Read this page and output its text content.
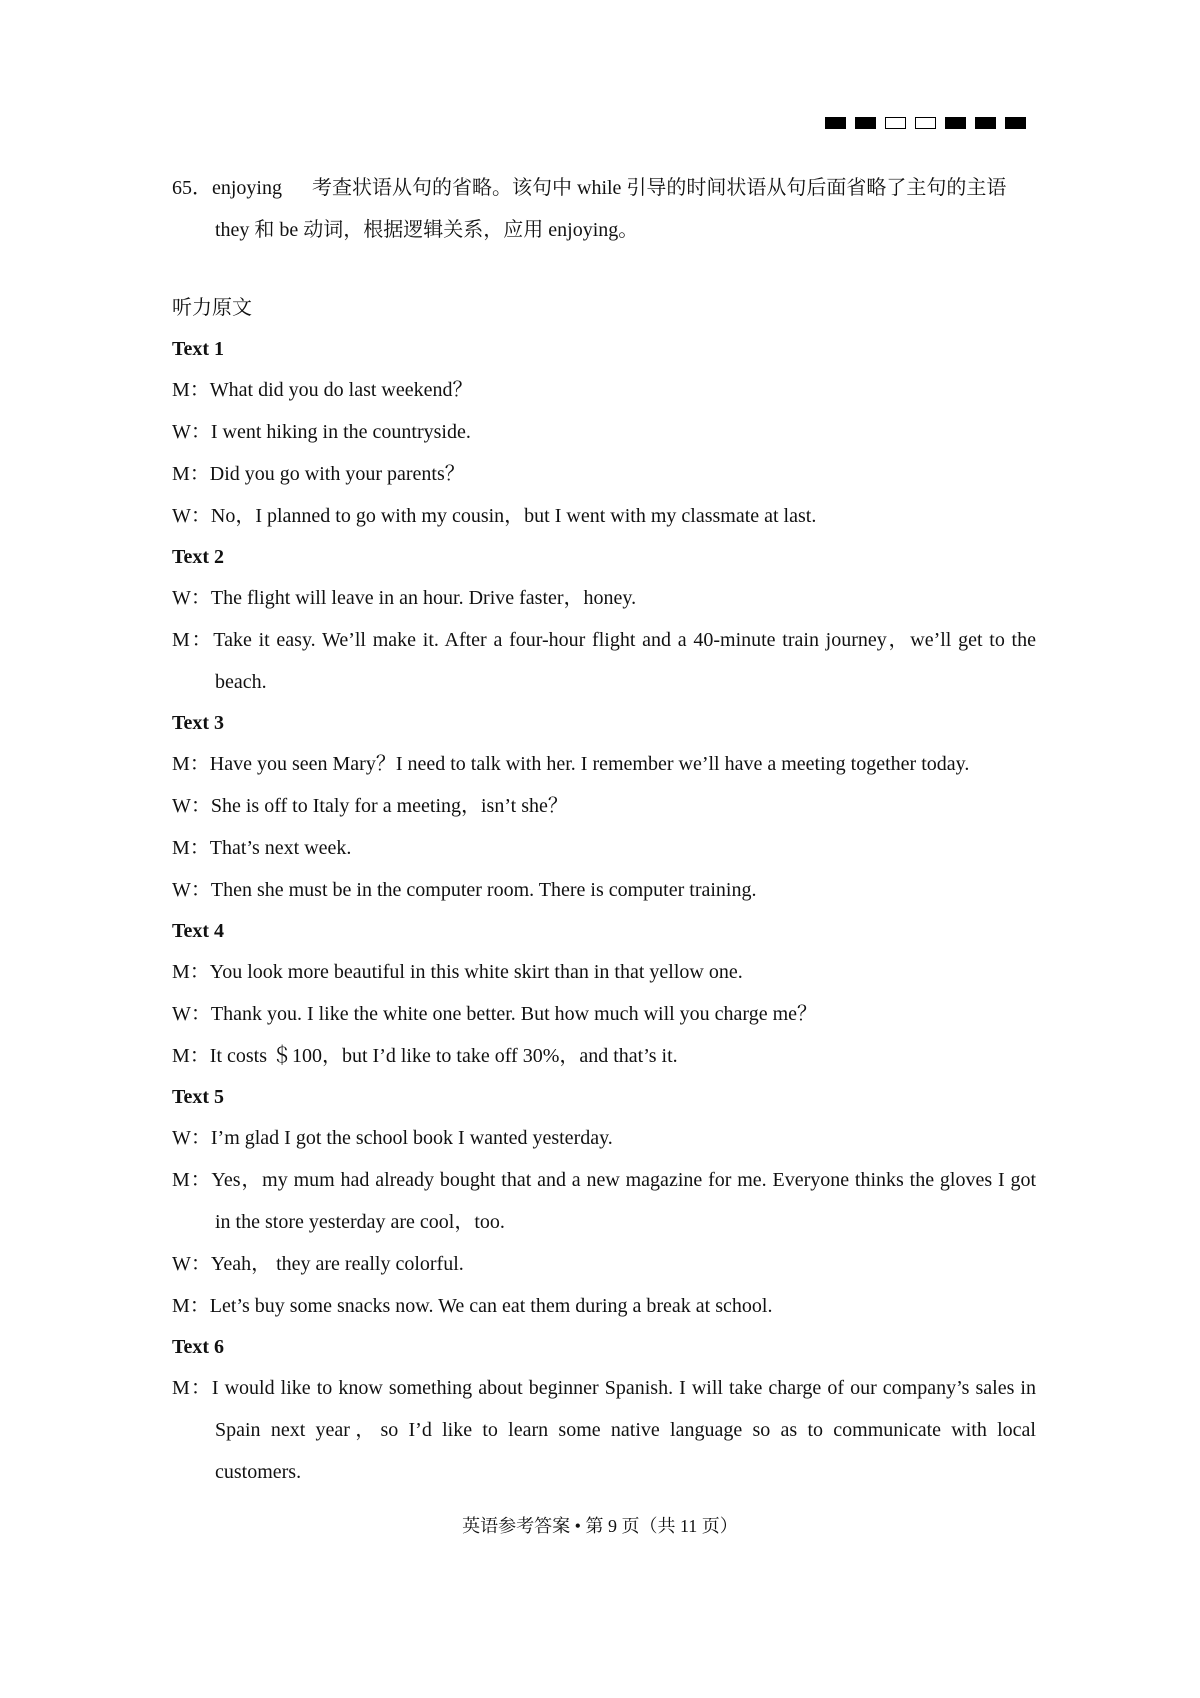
65．enjoying 考查状语从句的省略。该句中 while 引导的时间状语从句后面省略了主句的主语 they 和 be 动词，根据逻辑关系，应用 enjoying。
听力原文
Text 1
M：What did you do last weekend？
W：I went hiking in the countryside.
M：Did you go with your parents？
W：No，I planned to go with my cousin，but I went with my classmate at last.
Text 2
W：The flight will leave in an hour. Drive faster，honey.
M：Take it easy. We’ll make it. After a four-hour flight and a 40-minute train journey，we’ll get to the beach.
Text 3
M：Have you seen Mary？I need to talk with her. I remember we’ll have a meeting together today.
W：She is off to Italy for a meeting，isn’t she？
M：That’s next week.
W：Then she must be in the computer room. There is computer training.
Text 4
M：You look more beautiful in this white skirt than in that yellow one.
W：Thank you. I like the white one better. But how much will you charge me？
M：It costs ＄100，but I’d like to take off 30%，and that’s it.
Text 5
W：I’m glad I got the school book I wanted yesterday.
M：Yes，my mum had already bought that and a new magazine for me. Everyone thinks the gloves I got in the store yesterday are cool，too.
W：Yeah， they are really colorful.
M：Let’s buy some snacks now. We can eat them during a break at school.
Text 6
M：I would like to know something about beginner Spanish. I will take charge of our company’s sales in Spain next year，so I’d like to learn some native language so as to communicate with local customers.
英语参考答案 • 第 9 页（共 11 页）
